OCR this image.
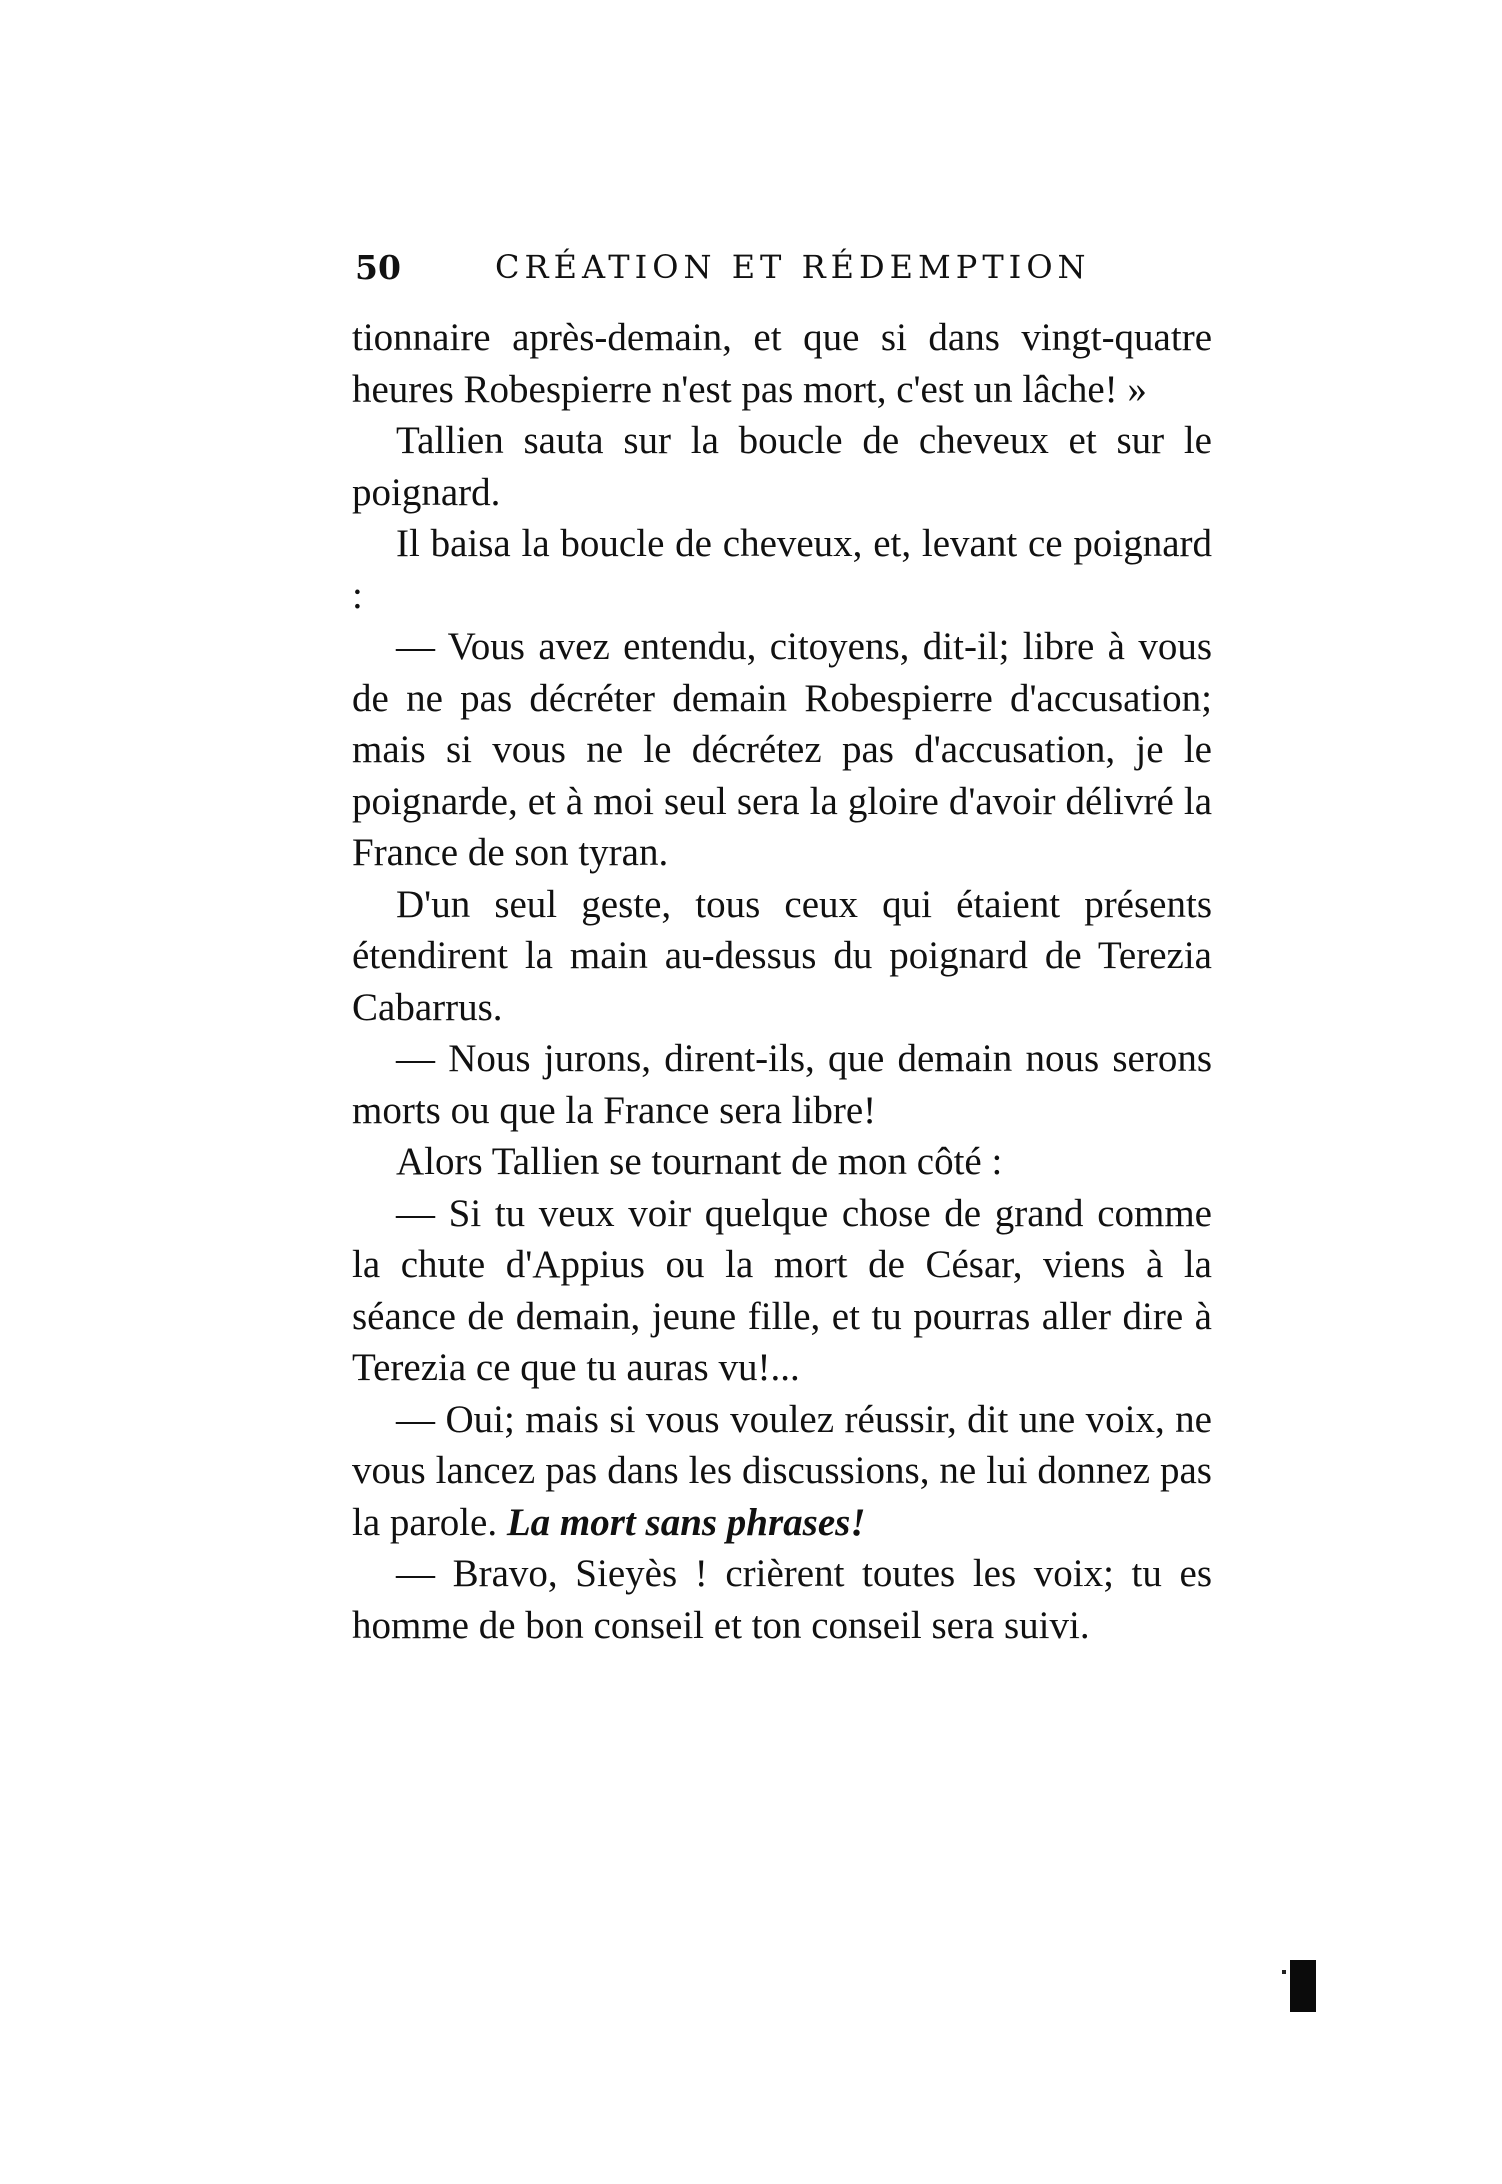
50	CRÉATION ET RÉDEMPTION

tionnaire après-demain, et que si dans vingt-quatre heures Robespierre n'est pas mort, c'est un lâche! »

Tallien sauta sur la boucle de cheveux et sur le poignard.

Il baisa la boucle de cheveux, et, levant ce poignard :

— Vous avez entendu, citoyens, dit-il; libre à vous de ne pas décréter demain Robespierre d'accusation; mais si vous ne le décrétez pas d'accusation, je le poignarde, et à moi seul sera la gloire d'avoir délivré la France de son tyran.

D'un seul geste, tous ceux qui étaient présents étendirent la main au-dessus du poignard de Terezia Cabarrus.

— Nous jurons, dirent-ils, que demain nous serons morts ou que la France sera libre!

Alors Tallien se tournant de mon côté :

— Si tu veux voir quelque chose de grand comme la chute d'Appius ou la mort de César, viens à la séance de demain, jeune fille, et tu pourras aller dire à Terezia ce que tu auras vu!...

— Oui; mais si vous voulez réussir, dit une voix, ne vous lancez pas dans les discussions, ne lui donnez pas la parole. La mort sans phrases!

— Bravo, Sieyès ! crièrent toutes les voix; tu es homme de bon conseil et ton conseil sera suivi.
